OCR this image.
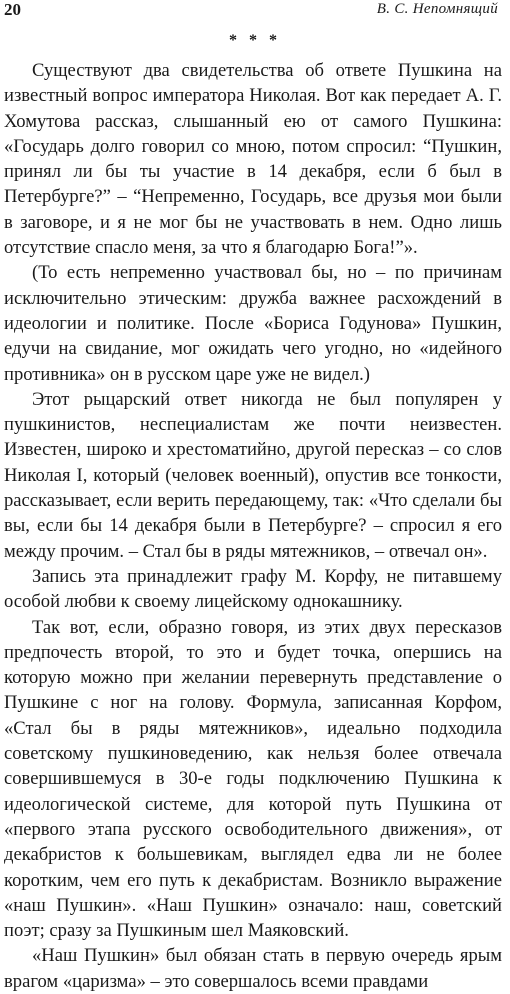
20	В. С. Непомнящий
* * *

Существуют два свидетельства об ответе Пушкина на известный вопрос императора Николая. Вот как передает А. Г. Хомутова рассказ, слышанный ею от самого Пушкина: «Государь долго говорил со мною, потом спросил: “Пушкин, принял ли бы ты участие в 14 декабря, если б был в Петербурге?” – “Непременно, Государь, все друзья мои были в заговоре, и я не мог бы не участвовать в нем. Одно лишь отсутствие спасло меня, за что я благодарю Бога!”».

(То есть непременно участвовал бы, но – по причинам исключительно этическим: дружба важнее расхождений в идеологии и политике. После «Бориса Годунова» Пушкин, едучи на свидание, мог ожидать чего угодно, но «идейного противника» он в русском царе уже не видел.)

Этот рыцарский ответ никогда не был популярен у пушкинистов, неспециалистам же почти неизвестен. Известен, широко и хрестоматийно, другой пересказ – со слов Николая I, который (человек военный), опустив все тонкости, рассказывает, если верить передающему, так: «Что сделали бы вы, если бы 14 декабря были в Петербурге? – спросил я его между прочим. – Стал бы в ряды мятежников, – отвечал он».

Запись эта принадлежит графу М. Корфу, не питавшему особой любви к своему лицейскому однокашнику.

Так вот, если, образно говоря, из этих двух пересказов предпочесть второй, то это и будет точка, опершись на которую можно при желании перевернуть представление о Пушкине с ног на голову. Формула, записанная Корфом, «Стал бы в ряды мятежников», идеально подходила советскому пушкиноведению, как нельзя более отвечала совершившемуся в 30-е годы подключению Пушкина к идеологической системе, для которой путь Пушкина от «первого этапа русского освободительного движения», от декабристов к большевикам, выглядел едва ли не более коротким, чем его путь к декабристам. Возникло выражение «наш Пушкин». «Наш Пушкин» означало: наш, советский поэт; сразу за Пушкиным шел Маяковский.

«Наш Пушкин» был обязан стать в первую очередь ярым врагом «царизма» – это совершалось всеми правдами
